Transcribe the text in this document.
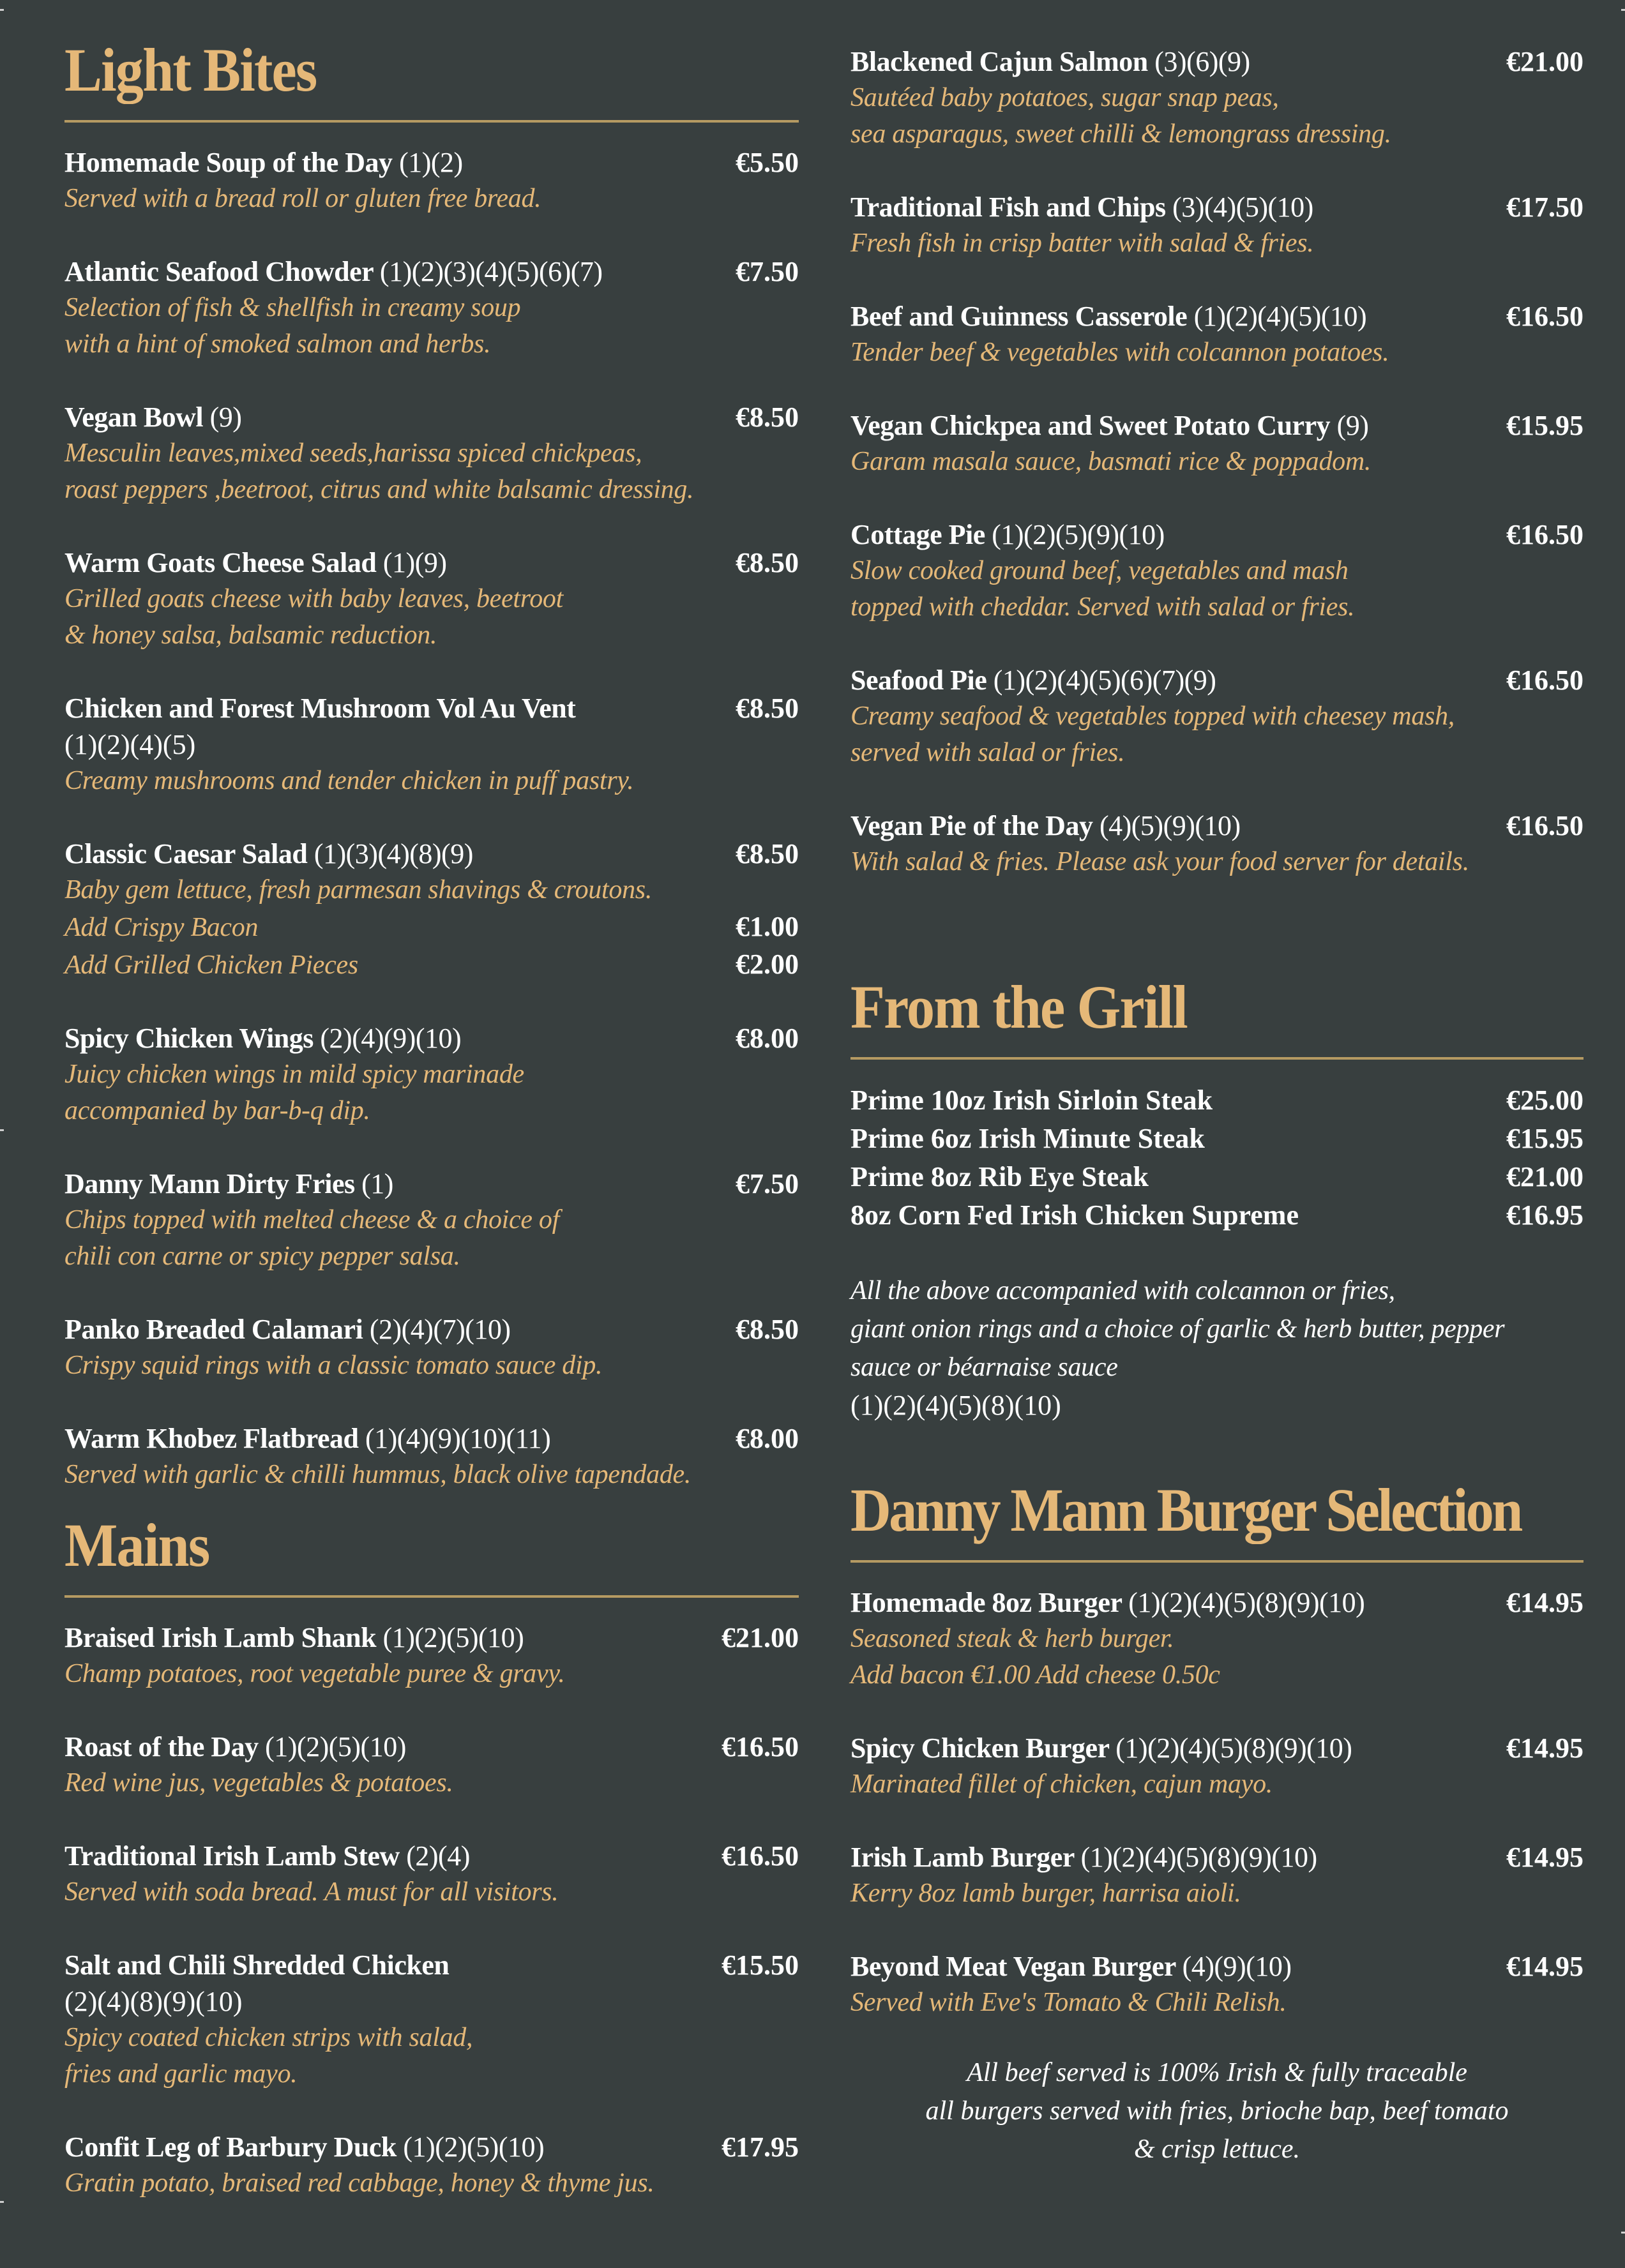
Light Bites
Homemade Soup of the Day (1)(2)	€5.50
Served with a bread roll or gluten free bread.
Atlantic Seafood Chowder (1)(2)(3)(4)(5)(6)(7)	€7.50
Selection of fish & shellfish in creamy soup
with a hint of smoked salmon and herbs.
Vegan Bowl (9)	€8.50
Mesculin leaves,mixed seeds,harissa spiced chickpeas,
roast peppers ,beetroot, citrus and white balsamic dressing.
Warm Goats Cheese Salad (1)(9)	€8.50
Grilled goats cheese with baby leaves, beetroot
& honey salsa, balsamic reduction.
Chicken and Forest Mushroom Vol Au Vent	€8.50
(1)(2)(4)(5)
Creamy mushrooms and tender chicken in puff pastry.
Classic Caesar Salad (1)(3)(4)(8)(9)	€8.50
Baby gem lettuce, fresh parmesan shavings & croutons.
Add Crispy Bacon	€1.00
Add Grilled Chicken Pieces	€2.00
Spicy Chicken Wings (2)(4)(9)(10)	€8.00
Juicy chicken wings in mild spicy marinade
accompanied by bar-b-q dip.
Danny Mann Dirty Fries (1)	€7.50
Chips topped with melted cheese & a choice of
chili con carne or spicy pepper salsa.
Panko Breaded Calamari (2)(4)(7)(10)	€8.50
Crispy squid rings with a classic tomato sauce dip.
Warm Khobez Flatbread (1)(4)(9)(10)(11)	€8.00
Served with garlic & chilli hummus, black olive tapendade.
Mains
Braised Irish Lamb Shank (1)(2)(5)(10)	€21.00
Champ potatoes, root vegetable puree & gravy.
Roast of the Day (1)(2)(5)(10)	€16.50
Red wine jus, vegetables & potatoes.
Traditional Irish Lamb Stew (2)(4)	€16.50
Served with soda bread. A must for all visitors.
Salt and Chili Shredded Chicken	€15.50
(2)(4)(8)(9)(10)
Spicy coated chicken strips with salad,
fries and garlic mayo.
Confit Leg of Barbury Duck (1)(2)(5)(10)	€17.95
Gratin potato, braised red cabbage, honey & thyme jus.
Blackened Cajun Salmon (3)(6)(9)	€21.00
Sautéed baby potatoes, sugar snap peas,
sea asparagus, sweet chilli & lemongrass dressing.
Traditional Fish and Chips (3)(4)(5)(10)	€17.50
Fresh fish in crisp batter with salad & fries.
Beef and Guinness Casserole (1)(2)(4)(5)(10)	€16.50
Tender beef & vegetables with colcannon potatoes.
Vegan Chickpea and Sweet Potato Curry (9)	€15.95
Garam masala sauce, basmati rice & poppadom.
Cottage Pie (1)(2)(5)(9)(10)	€16.50
Slow cooked ground beef, vegetables and mash
topped with cheddar. Served with salad or fries.
Seafood Pie (1)(2)(4)(5)(6)(7)(9)	€16.50
Creamy seafood & vegetables topped with cheesey mash,
served with salad or fries.
Vegan Pie of the Day (4)(5)(9)(10)	€16.50
With salad & fries. Please ask your food server for details.
From the Grill
Prime 10oz Irish Sirloin Steak	€25.00
Prime 6oz Irish Minute Steak	€15.95
Prime 8oz Rib Eye Steak	€21.00
8oz Corn Fed Irish Chicken Supreme	€16.95
All the above accompanied with colcannon or fries,
giant onion rings and a choice of garlic & herb butter, pepper
sauce or béarnaise sauce
(1)(2)(4)(5)(8)(10)
Danny Mann Burger Selection
Homemade 8oz Burger (1)(2)(4)(5)(8)(9)(10)	€14.95
Seasoned steak & herb burger.
Add bacon €1.00 Add cheese 0.50c
Spicy Chicken Burger (1)(2)(4)(5)(8)(9)(10)	€14.95
Marinated fillet of chicken, cajun mayo.
Irish Lamb Burger (1)(2)(4)(5)(8)(9)(10)	€14.95
Kerry 8oz lamb burger, harrisa aioli.
Beyond Meat Vegan Burger (4)(9)(10)	€14.95
Served with Eve's Tomato & Chili Relish.
All beef served is 100% Irish & fully traceable
all burgers served with fries, brioche bap, beef tomato
& crisp lettuce.
